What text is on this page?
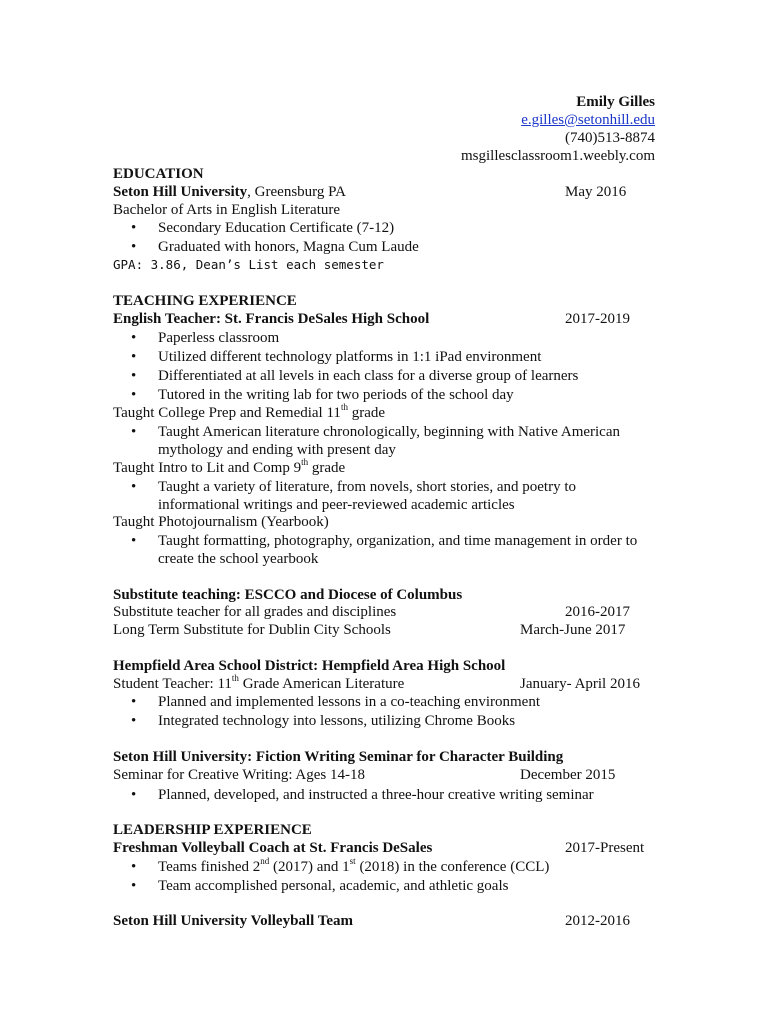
Emily Gilles
e.gilles@setonhill.edu
(740)513-8874
msgillesclassroom1.weebly.com
EDUCATION
Seton Hill University, Greensburg PA	May 2016
Bachelor of Arts in English Literature
• Secondary Education Certificate (7-12)
• Graduated with honors, Magna Cum Laude
GPA: 3.86, Dean’s List each semester
TEACHING EXPERIENCE
English Teacher: St. Francis DeSales High School	2017-2019
• Paperless classroom
• Utilized different technology platforms in 1:1 iPad environment
• Differentiated at all levels in each class for a diverse group of learners
• Tutored in the writing lab for two periods of the school day
Taught College Prep and Remedial 11th grade
• Taught American literature chronologically, beginning with Native American
mythology and ending with present day
Taught Intro to Lit and Comp 9th grade
• Taught a variety of literature, from novels, short stories, and poetry to
informational writings and peer-reviewed academic articles
Taught Photojournalism (Yearbook)
• Taught formatting, photography, organization, and time management in order to
create the school yearbook
Substitute teaching: ESCCO and Diocese of Columbus
Substitute teacher for all grades and disciplines	2016-2017
Long Term Substitute for Dublin City Schools	March-June 2017
Hempfield Area School District: Hempfield Area High School
Student Teacher: 11th Grade American Literature	January- April 2016
• Planned and implemented lessons in a co-teaching environment
• Integrated technology into lessons, utilizing Chrome Books
Seton Hill University: Fiction Writing Seminar for Character Building
Seminar for Creative Writing: Ages 14-18	December 2015
• Planned, developed, and instructed a three-hour creative writing seminar
LEADERSHIP EXPERIENCE
Freshman Volleyball Coach at St. Francis DeSales	2017-Present
• Teams finished 2nd (2017) and 1st (2018) in the conference (CCL)
• Team accomplished personal, academic, and athletic goals
Seton Hill University Volleyball Team	2012-2016
